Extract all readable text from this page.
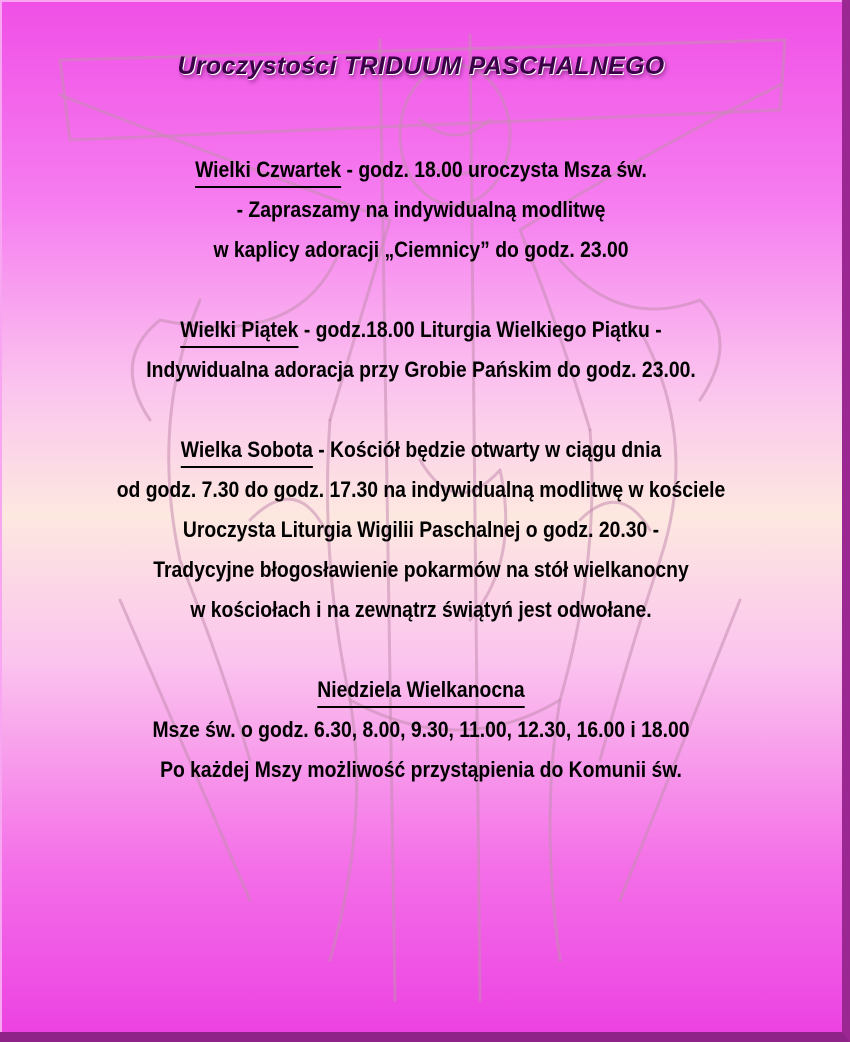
Uroczystości TRIDUUM PASCHALNEGO
Wielki Czwartek - godz. 18.00 uroczysta Msza św.
- Zapraszamy na indywidualną modlitwę
w kaplicy adoracji „Ciemnicy” do godz. 23.00
Wielki Piątek - godz.18.00 Liturgia Wielkiego Piątku -
Indywidualna adoracja przy Grobie Pańskim do godz. 23.00.
Wielka Sobota - Kościół będzie otwarty w ciągu dnia
od godz. 7.30 do godz. 17.30 na indywidualną modlitwę w kościele
Uroczysta Liturgia Wigilii Paschalnej o godz. 20.30 -
Tradycyjne błogosławienie pokarmów na stół wielkanocny
w kościołach i na zewnątrz świątyń jest odwołane.
Niedziela Wielkanocna
Msze św. o godz. 6.30, 8.00, 9.30, 11.00, 12.30, 16.00 i 18.00
Po każdej Mszy możliwość przystąpienia do Komunii św.
